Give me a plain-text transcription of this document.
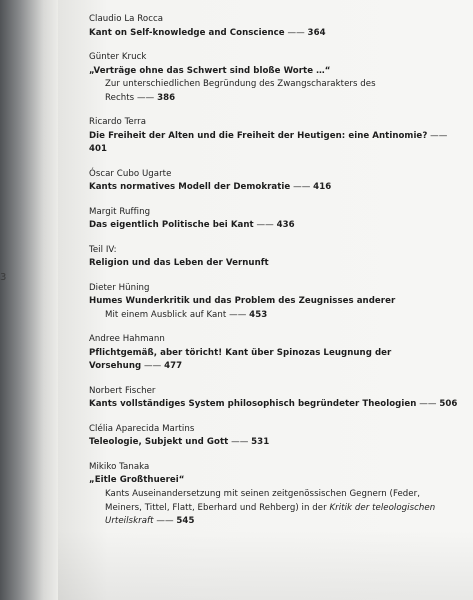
3
Claudio La Rocca
Kant on Self-knowledge and Conscience —— 364
Günter Kruck
„Verträge ohne das Schwert sind bloße Worte …“
Zur unterschiedlichen Begründung des Zwangscharakters des
Rechts —— 386
Ricardo Terra
Die Freiheit der Alten und die Freiheit der Heutigen: eine Antinomie? —— 401
Óscar Cubo Ugarte
Kants normatives Modell der Demokratie —— 416
Margit Ruffing
Das eigentlich Politische bei Kant —— 436
Teil IV:
Religion und das Leben der Vernunft
Dieter Hüning
Humes Wunderkritik und das Problem des Zeugnisses anderer
Mit einem Ausblick auf Kant —— 453
Andree Hahmann
Pflichtgemäß, aber töricht! Kant über Spinozas Leugnung der
Vorsehung —— 477
Norbert Fischer
Kants vollständiges System philosophisch begründeter Theologien —— 506
Clélia Aparecida Martins
Teleologie, Subjekt und Gott —— 531
Mikiko Tanaka
„Eitle Großthuerei“
Kants Auseinandersetzung mit seinen zeitgenössischen Gegnern (Feder,
Meiners, Tittel, Flatt, Eberhard und Rehberg) in der Kritik der teleologischen
Urteilskraft —— 545
